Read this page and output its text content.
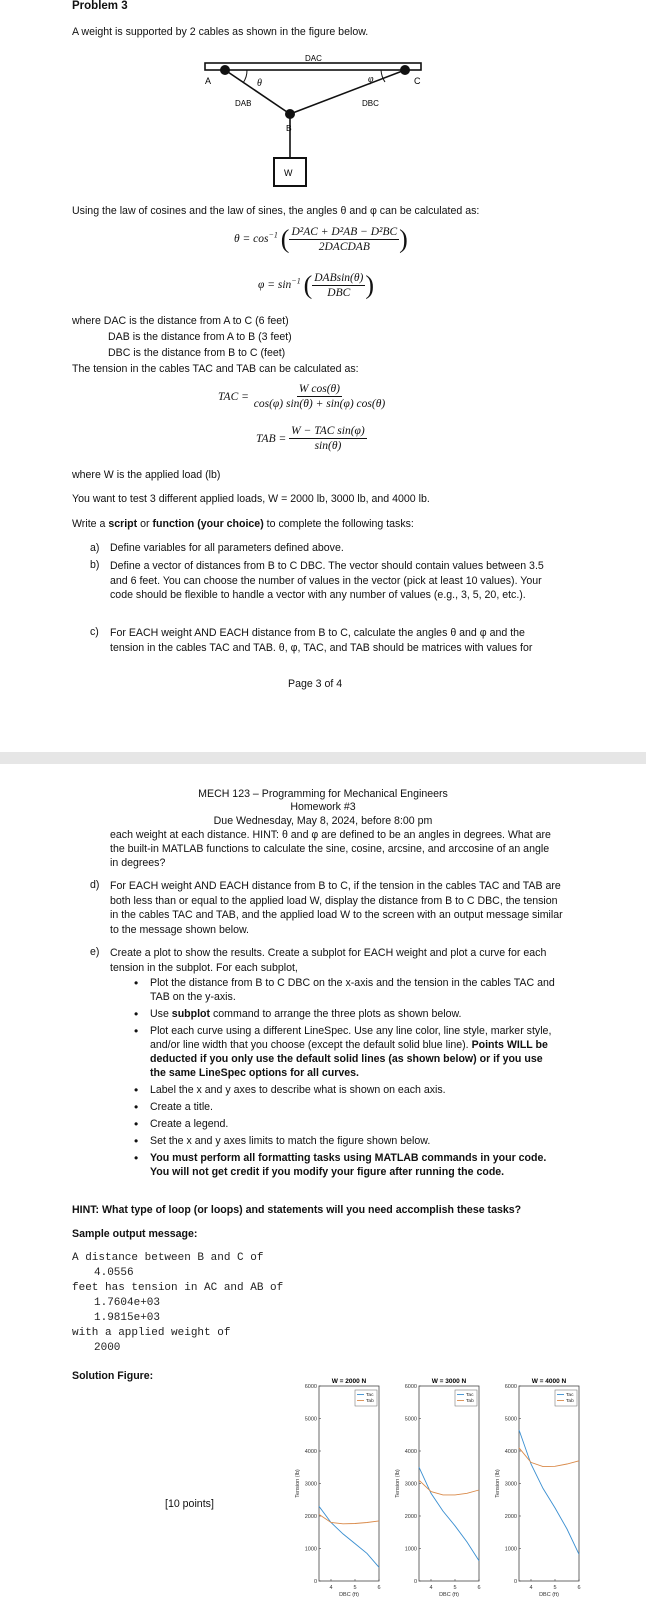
Problem 3
A weight is supported by 2 cables as shown in the figure below.
DAC
A	C
θ	φ
DAB	DBC
B
W
Using the law of cosines and the law of sines, the angles θ and φ can be calculated as:
$\theta = \cos^{-1}$ ( $\frac{\text{D²AC + D²AB − D²BC}}{\text{2DACDAB}}$ )
$\varphi = \sin^{-1}$ ( $\frac{\text{DABsin(θ)}}{\text{DBC}}$ )
where DAC is the distance from A to C (6 feet)
DAB is the distance from A to B (3 feet)
DBC is the distance from B to C (feet)
The tension in the cables TAC and TAB can be calculated as:
TAC =
$\frac{\text{W cos(θ)}}{\cos(\varphi) \sin(\theta) + \sin(\varphi) \cos(\theta)}$
TAB =
$\frac{\text{W − TAC sin(φ)}}{\sin(\theta)}$
where W is the applied load (lb)
You want to test 3 different applied loads, W = 2000 lb, 3000 lb, and 4000 lb.
Write a script or function (your choice) to complete the following tasks:
a) Define variables for all parameters defined above.
b) Define a vector of distances from B to C DBC. The vector should contain values between 3.5 and 6 feet. You can choose the number of values in the vector (pick at least 10 values). Your code should be flexible to handle a vector with any number of values (e.g., 3, 5, 20, etc.).
c) For EACH weight AND EACH distance from B to C, calculate the angles θ and φ and the tension in the cables TAC and TAB. θ, φ, TAC, and TAB should be matrices with values for
Page 3 of 4
MECH 123 – Programming for Mechanical Engineers
Homework #3
Due Wednesday, May 8, 2024, before 8:00 pm
each weight at each distance. HINT: θ and φ are defined to be an angles in degrees. What are the built-in MATLAB functions to calculate the sine, cosine, arcsine, and arccosine of an angle in degrees?
d) For EACH weight AND EACH distance from B to C, if the tension in the cables TAC and TAB are both less than or equal to the applied load W, display the distance from B to C DBC, the tension in the cables TAC and TAB, and the applied load W to the screen with an output message similar to the message shown below.
e) Create a plot to show the results. Create a subplot for EACH weight and plot a curve for each tension in the subplot. For each subplot,
• Plot the distance from B to C DBC on the x-axis and the tension in the cables TAC and TAB on the y-axis.
• Use subplot command to arrange the three plots as shown below.
• Plot each curve using a different LineSpec. Use any line color, line style, marker style, and/or line width that you choose (except the default solid blue line). Points WILL be deducted if you only use the default solid lines (as shown below) or if you use the same LineSpec options for all curves.
• Label the x and y axes to describe what is shown on each axis.
• Create a title.
• Create a legend.
• Set the x and y axes limits to match the figure shown below.
• You must perform all formatting tasks using MATLAB commands in your code. You will not get credit if you modify your figure after running the code.
HINT: What type of loop (or loops) and statements will you need accomplish these tasks?
Sample output message:
A distance between B and C of
4.0556
feet has tension in AC and AB of
1.7604e+03
1.9815e+03
with a applied weight of
2000
Solution Figure:
[10 points]
W = 2000 N
0
1000
2000
3000
4000
5000
6000
4	5	6
DBC (ft)
Tension (lb)
Tac
Tab
W = 3000 N
0
1000
2000
3000
4000
5000
6000
4	5	6
DBC (ft)
Tension (lb)
Tac
Tab
W = 4000 N
0
1000
2000
3000
4000
5000
6000
4	5	6
DBC (ft)
Tension (lb)
Tac
Tab
